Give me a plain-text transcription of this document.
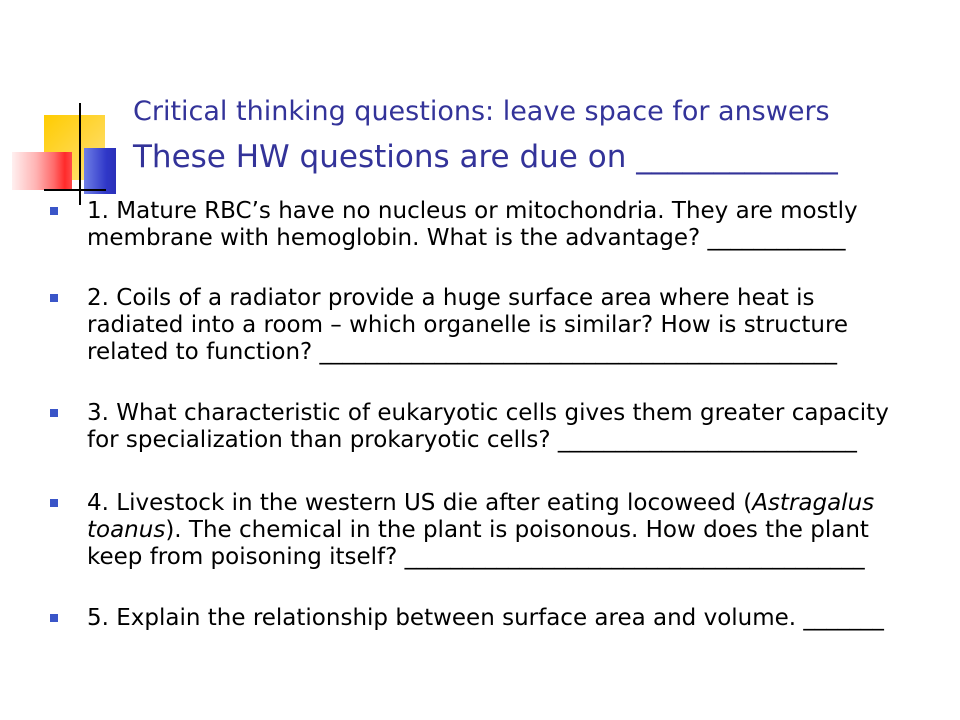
Critical thinking questions: leave space for answers
These HW questions are due on _____________
1. Mature RBC’s have no nucleus or mitochondria. They are mostly
membrane with hemoglobin. What is the advantage? ____________
2. Coils of a radiator provide a huge surface area where heat is
radiated into a room – which organelle is similar? How is structure
related to function? _____________________________________________
3. What characteristic of eukaryotic cells gives them greater capacity
for specialization than prokaryotic cells? __________________________
4. Livestock in the western US die after eating locoweed (Astragalus
toanus). The chemical in the plant is poisonous. How does the plant
keep from poisoning itself? ________________________________________
5. Explain the relationship between surface area and volume. _______
